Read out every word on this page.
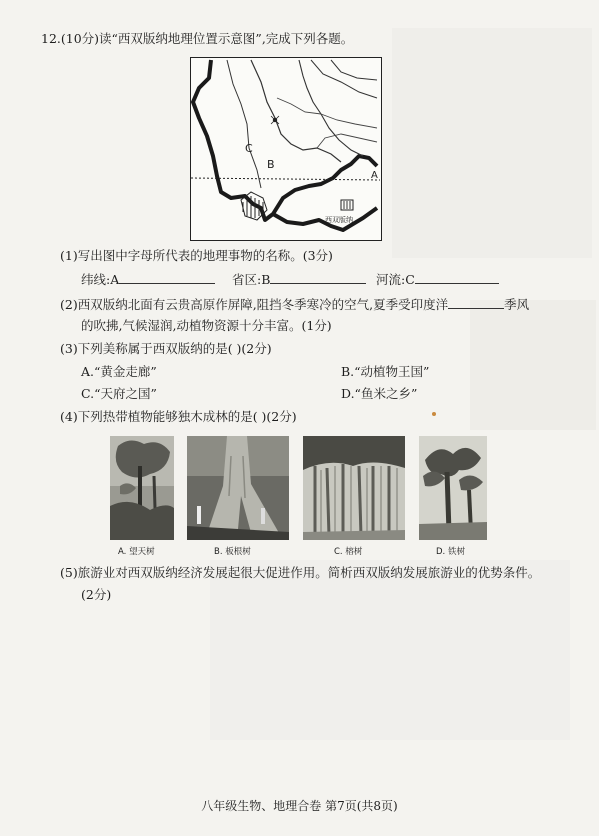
12.(10分)读“西双版纳地理位置示意图”,完成下列各题。
C
B
A
西双版纳
(1)写出图中字母所代表的地理事物的名称。(3分)
纬线:A	省区:B	河流:C
(2)西双版纳北面有云贵高原作屏障,阻挡冬季寒冷的空气,夏季受印度洋	季风
的吹拂,气候湿润,动植物资源十分丰富。(1分)
(3)下列美称属于西双版纳的是( )(2分)
A.“黄金走廊”	B.“动植物王国”
C.“天府之国”	D.“鱼米之乡”
(4)下列热带植物能够独木成林的是( )(2分)
A. 望天树	B. 板根树	C. 榕树	D. 铁树
(5)旅游业对西双版纳经济发展起很大促进作用。简析西双版纳发展旅游业的优势条件。
(2分)
八年级生物、地理合卷 第7页(共8页)
